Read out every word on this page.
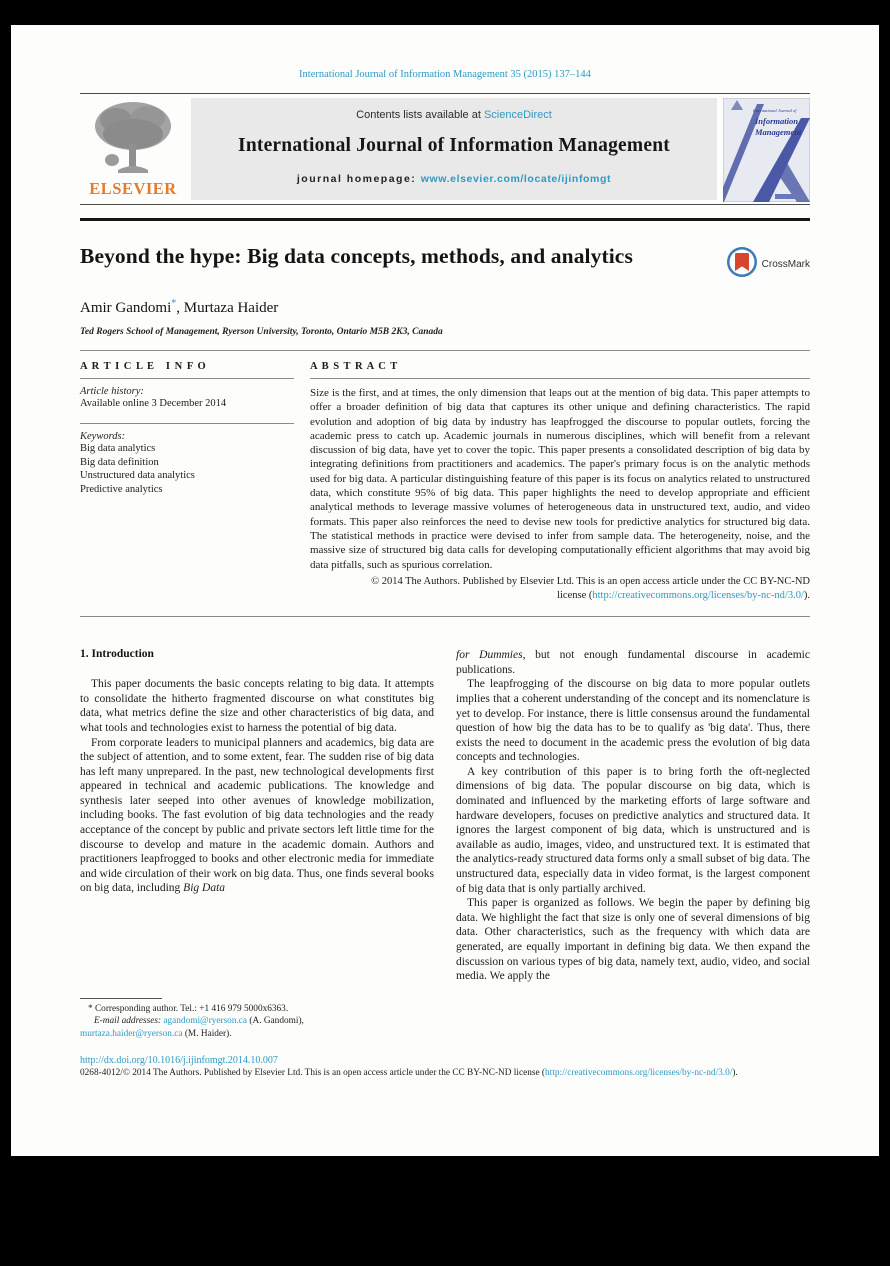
International Journal of Information Management 35 (2015) 137–144
ELSEVIER
Contents lists available at ScienceDirect
International Journal of Information Management
journal homepage: www.elsevier.com/locate/ijinfomgt
International Journal of
Information
Management
Beyond the hype: Big data concepts, methods, and analytics	CrossMark
Amir Gandomi*, Murtaza Haider
Ted Rogers School of Management, Ryerson University, Toronto, Ontario M5B 2K3, Canada
A R T I C L E   I N F O
Article history:
Available online 3 December 2014
Keywords:
Big data analytics
Big data definition
Unstructured data analytics
Predictive analytics
A B S T R A C T
Size is the first, and at times, the only dimension that leaps out at the mention of big data. This paper attempts to offer a broader definition of big data that captures its other unique and defining characteristics. The rapid evolution and adoption of big data by industry has leapfrogged the discourse to popular outlets, forcing the academic press to catch up. Academic journals in numerous disciplines, which will benefit from a relevant discussion of big data, have yet to cover the topic. This paper presents a consolidated description of big data by integrating definitions from practitioners and academics. The paper's primary focus is on the analytic methods used for big data. A particular distinguishing feature of this paper is its focus on analytics related to unstructured data, which constitute 95% of big data. This paper highlights the need to develop appropriate and efficient analytical methods to leverage massive volumes of heterogeneous data in unstructured text, audio, and video formats. This paper also reinforces the need to devise new tools for predictive analytics for structured big data. The statistical methods in practice were devised to infer from sample data. The heterogeneity, noise, and the massive size of structured big data calls for developing computationally efficient algorithms that may avoid big data pitfalls, such as spurious correlation.
© 2014 The Authors. Published by Elsevier Ltd. This is an open access article under the CC BY-NC-ND
license (http://creativecommons.org/licenses/by-nc-nd/3.0/).
1. Introduction

This paper documents the basic concepts relating to big data. It attempts to consolidate the hitherto fragmented discourse on what constitutes big data, what metrics define the size and other characteristics of big data, and what tools and technologies exist to harness the potential of big data.

From corporate leaders to municipal planners and academics, big data are the subject of attention, and to some extent, fear. The sudden rise of big data has left many unprepared. In the past, new technological developments first appeared in technical and academic publications. The knowledge and synthesis later seeped into other avenues of knowledge mobilization, including books. The fast evolution of big data technologies and the ready acceptance of the concept by public and private sectors left little time for the discourse to develop and mature in the academic domain. Authors and practitioners leapfrogged to books and other electronic media for immediate and wide circulation of their work on big data. Thus, one finds several books on big data, including Big Data

* Corresponding author. Tel.: +1 416 979 5000x6363.
E-mail addresses: agandomi@ryerson.ca (A. Gandomi),
murtaza.haider@ryerson.ca (M. Haider).

for Dummies, but not enough fundamental discourse in academic publications.

The leapfrogging of the discourse on big data to more popular outlets implies that a coherent understanding of the concept and its nomenclature is yet to develop. For instance, there is little consensus around the fundamental question of how big the data has to be to qualify as 'big data'. Thus, there exists the need to document in the academic press the evolution of big data concepts and technologies.

A key contribution of this paper is to bring forth the oft-neglected dimensions of big data. The popular discourse on big data, which is dominated and influenced by the marketing efforts of large software and hardware developers, focuses on predictive analytics and structured data. It ignores the largest component of big data, which is unstructured and is available as audio, images, video, and unstructured text. It is estimated that the analytics-ready structured data forms only a small subset of big data. The unstructured data, especially data in video format, is the largest component of big data that is only partially archived.

This paper is organized as follows. We begin the paper by defining big data. We highlight the fact that size is only one of several dimensions of big data. Other characteristics, such as the frequency with which data are generated, are equally important in defining big data. We then expand the discussion on various types of big data, namely text, audio, video, and social media. We apply the

http://dx.doi.org/10.1016/j.ijinfomgt.2014.10.007
0268-4012/© 2014 The Authors. Published by Elsevier Ltd. This is an open access article under the CC BY-NC-ND license (http://creativecommons.org/licenses/by-nc-nd/3.0/).
